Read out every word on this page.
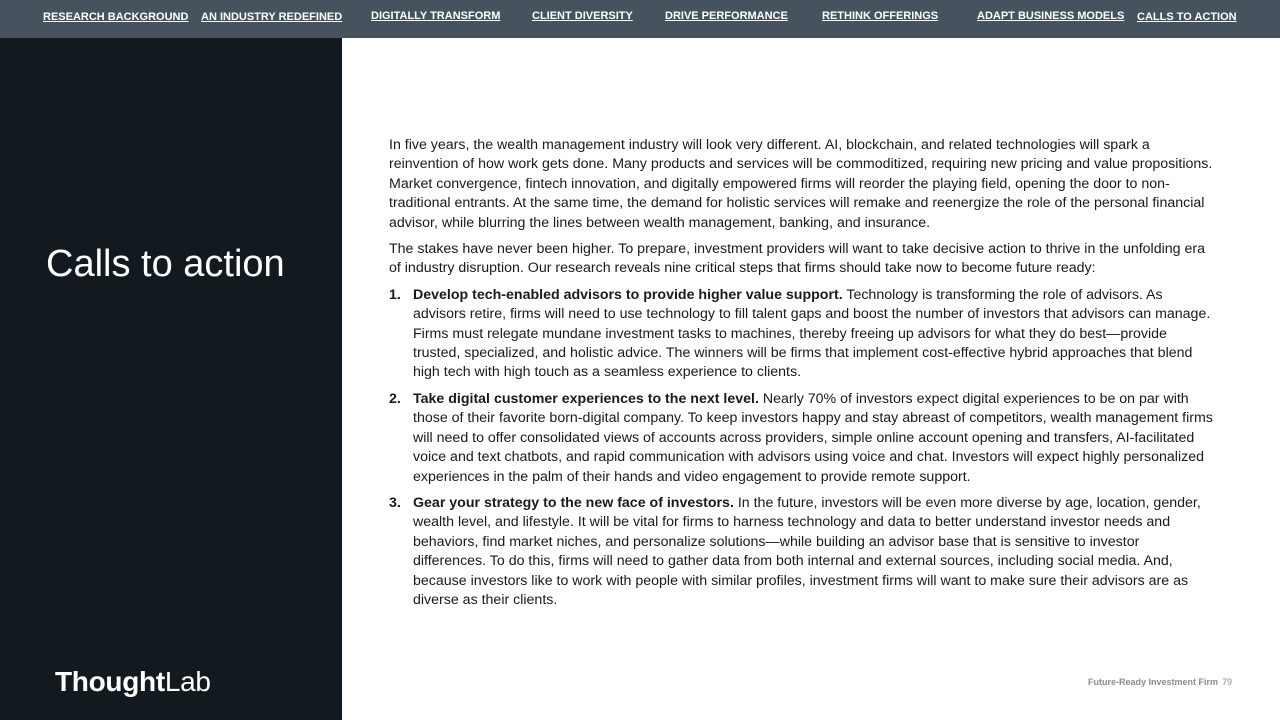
RESEARCH BACKGROUND AN INDUSTRY REDEFINED	DIGITALLY TRANSFORM	CLIENT DIVERSITY	DRIVE PERFORMANCE	RETHINK OFFERINGS	ADAPT BUSINESS MODELS CALLS TO ACTION
Calls to action
ThoughtLab

In five years, the wealth management industry will look very different. AI, blockchain, and related technologies will spark a reinvention of how work gets done. Many products and services will be commoditized, requiring new pricing and value propositions. Market convergence, fintech innovation, and digitally empowered firms will reorder the playing field, opening the door to non-traditional entrants. At the same time, the demand for holistic services will remake and reenergize the role of the personal financial advisor, while blurring the lines between wealth management, banking, and insurance.

The stakes have never been higher. To prepare, investment providers will want to take decisive action to thrive in the unfolding era of industry disruption. Our research reveals nine critical steps that firms should take now to become future ready:

1. Develop tech-enabled advisors to provide higher value support. Technology is transforming the role of advisors. As advisors retire, firms will need to use technology to fill talent gaps and boost the number of investors that advisors can manage. Firms must relegate mundane investment tasks to machines, thereby freeing up advisors for what they do best—provide trusted, specialized, and holistic advice. The winners will be firms that implement cost-effective hybrid approaches that blend high tech with high touch as a seamless experience to clients.
2. Take digital customer experiences to the next level. Nearly 70% of investors expect digital experiences to be on par with those of their favorite born-digital company. To keep investors happy and stay abreast of competitors, wealth management firms will need to offer consolidated views of accounts across providers, simple online account opening and transfers, AI-facilitated voice and text chatbots, and rapid communication with advisors using voice and chat. Investors will expect highly personalized experiences in the palm of their hands and video engagement to provide remote support.
3. Gear your strategy to the new face of investors. In the future, investors will be even more diverse by age, location, gender, wealth level, and lifestyle. It will be vital for firms to harness technology and data to better understand investor needs and behaviors, find market niches, and personalize solutions—while building an advisor base that is sensitive to investor differences. To do this, firms will need to gather data from both internal and external sources, including social media. And, because investors like to work with people with similar profiles, investment firms will want to make sure their advisors are as diverse as their clients.
Future-Ready Investment Firm 79
